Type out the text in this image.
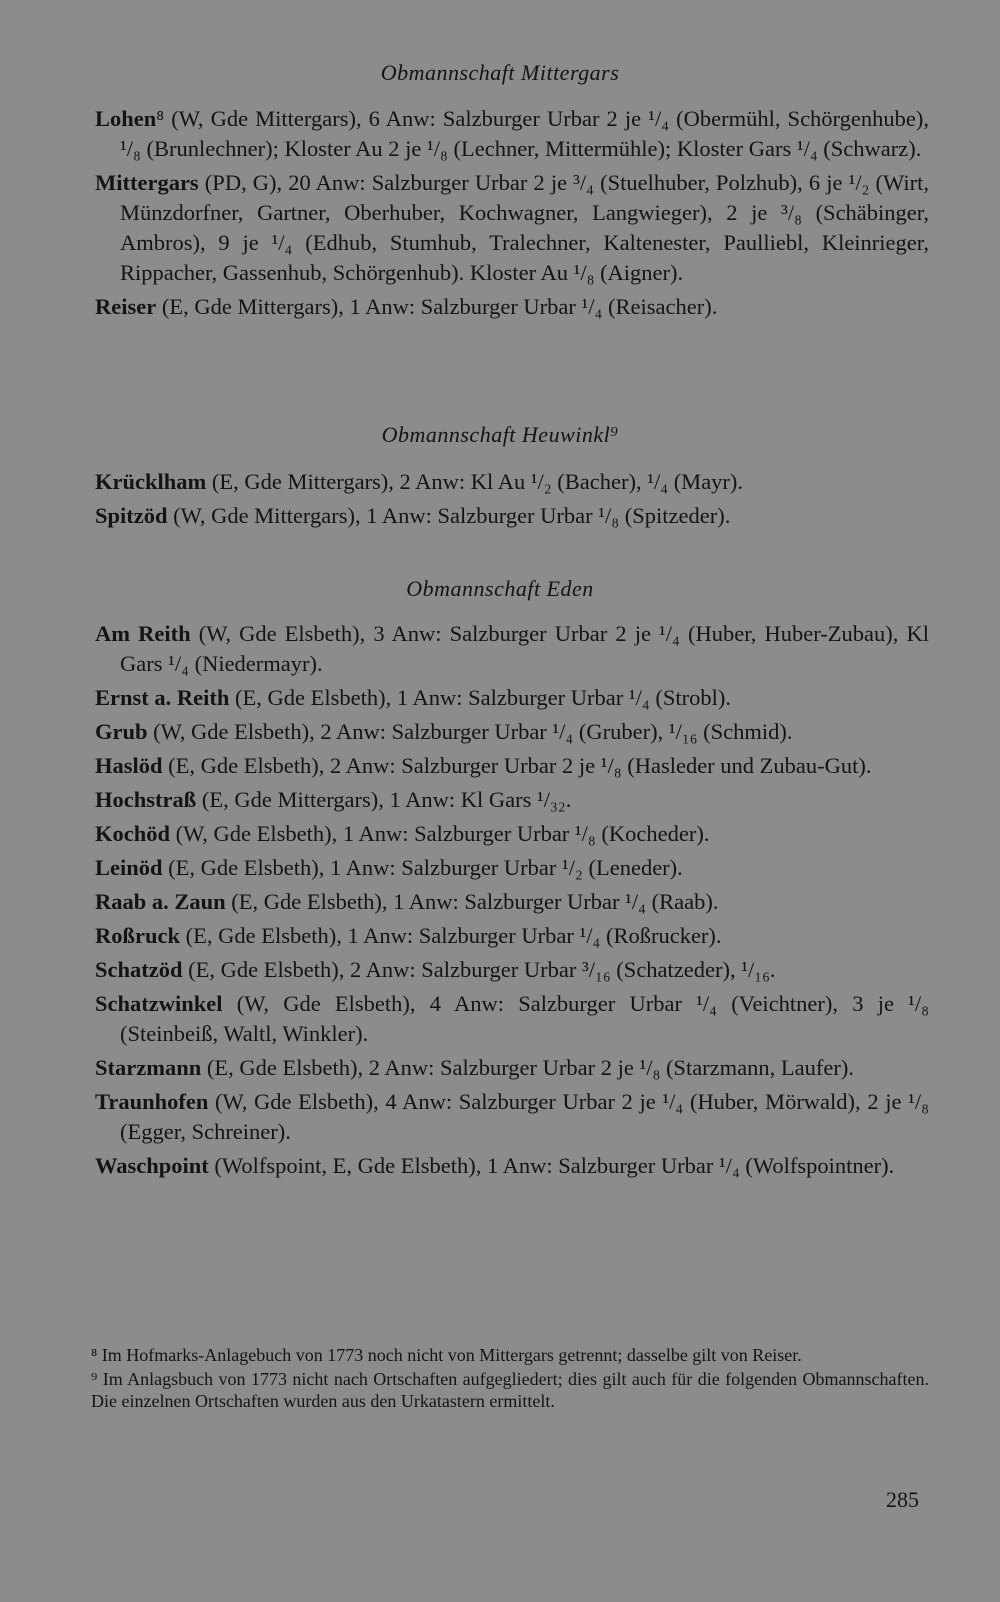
Obmannschaft Mittergars
Lohen⁸ (W, Gde Mittergars), 6 Anw: Salzburger Urbar 2 je ¹/₄ (Obermühl, Schörgenhube), ¹/₈ (Brunlechner); Kloster Au 2 je ¹/₈ (Lechner, Mittermühle); Kloster Gars ¹/₄ (Schwarz).
Mittergars (PD, G), 20 Anw: Salzburger Urbar 2 je ³/₄ (Stuelhuber, Polzhub), 6 je ¹/₂ (Wirt, Münzdorfner, Gartner, Oberhuber, Kochwagner, Langwieger), 2 je ³/₈ (Schäbinger, Ambros), 9 je ¹/₄ (Edhub, Stumhub, Tralechner, Kaltenester, Paulliebl, Kleinrieger, Rippacher, Gassenhub, Schörgenhub). Kloster Au ¹/₈ (Aigner).
Reiser (E, Gde Mittergars), 1 Anw: Salzburger Urbar ¹/₄ (Reisacher).
Obmannschaft Heuwinkl⁹
Krücklham (E, Gde Mittergars), 2 Anw: Kl Au ¹/₂ (Bacher), ¹/₄ (Mayr).
Spitzöd (W, Gde Mittergars), 1 Anw: Salzburger Urbar ¹/₈ (Spitzeder).
Obmannschaft Eden
Am Reith (W, Gde Elsbeth), 3 Anw: Salzburger Urbar 2 je ¹/₄ (Huber, Huber-Zubau), Kl Gars ¹/₄ (Niedermayr).
Ernst a. Reith (E, Gde Elsbeth), 1 Anw: Salzburger Urbar ¹/₄ (Strobl).
Grub (W, Gde Elsbeth), 2 Anw: Salzburger Urbar ¹/₄ (Gruber), ¹/₁₆ (Schmid).
Haslöd (E, Gde Elsbeth), 2 Anw: Salzburger Urbar 2 je ¹/₈ (Hasleder und Zubau-Gut).
Hochstraß (E, Gde Mittergars), 1 Anw: Kl Gars ¹/₃₂.
Kochöd (W, Gde Elsbeth), 1 Anw: Salzburger Urbar ¹/₈ (Kocheder).
Leinöd (E, Gde Elsbeth), 1 Anw: Salzburger Urbar ¹/₂ (Leneder).
Raab a. Zaun (E, Gde Elsbeth), 1 Anw: Salzburger Urbar ¹/₄ (Raab).
Roßruck (E, Gde Elsbeth), 1 Anw: Salzburger Urbar ¹/₄ (Roßrucker).
Schatzöd (E, Gde Elsbeth), 2 Anw: Salzburger Urbar ³/₁₆ (Schatzeder), ¹/₁₆.
Schatzwinkel (W, Gde Elsbeth), 4 Anw: Salzburger Urbar ¹/₄ (Veichtner), 3 je ¹/₈ (Steinbeiß, Waltl, Winkler).
Starzmann (E, Gde Elsbeth), 2 Anw: Salzburger Urbar 2 je ¹/₈ (Starzmann, Laufer).
Traunhofen (W, Gde Elsbeth), 4 Anw: Salzburger Urbar 2 je ¹/₄ (Huber, Mörwald), 2 je ¹/₈ (Egger, Schreiner).
Waschpoint (Wolfspoint, E, Gde Elsbeth), 1 Anw: Salzburger Urbar ¹/₄ (Wolfspointner).

⁸ Im Hofmarks-Anlagebuch von 1773 noch nicht von Mittergars getrennt; dasselbe gilt von Reiser.

⁹ Im Anlagsbuch von 1773 nicht nach Ortschaften aufgegliedert; dies gilt auch für die folgenden Obmannschaften. Die einzelnen Ortschaften wurden aus den Urkatastern ermittelt.

285
